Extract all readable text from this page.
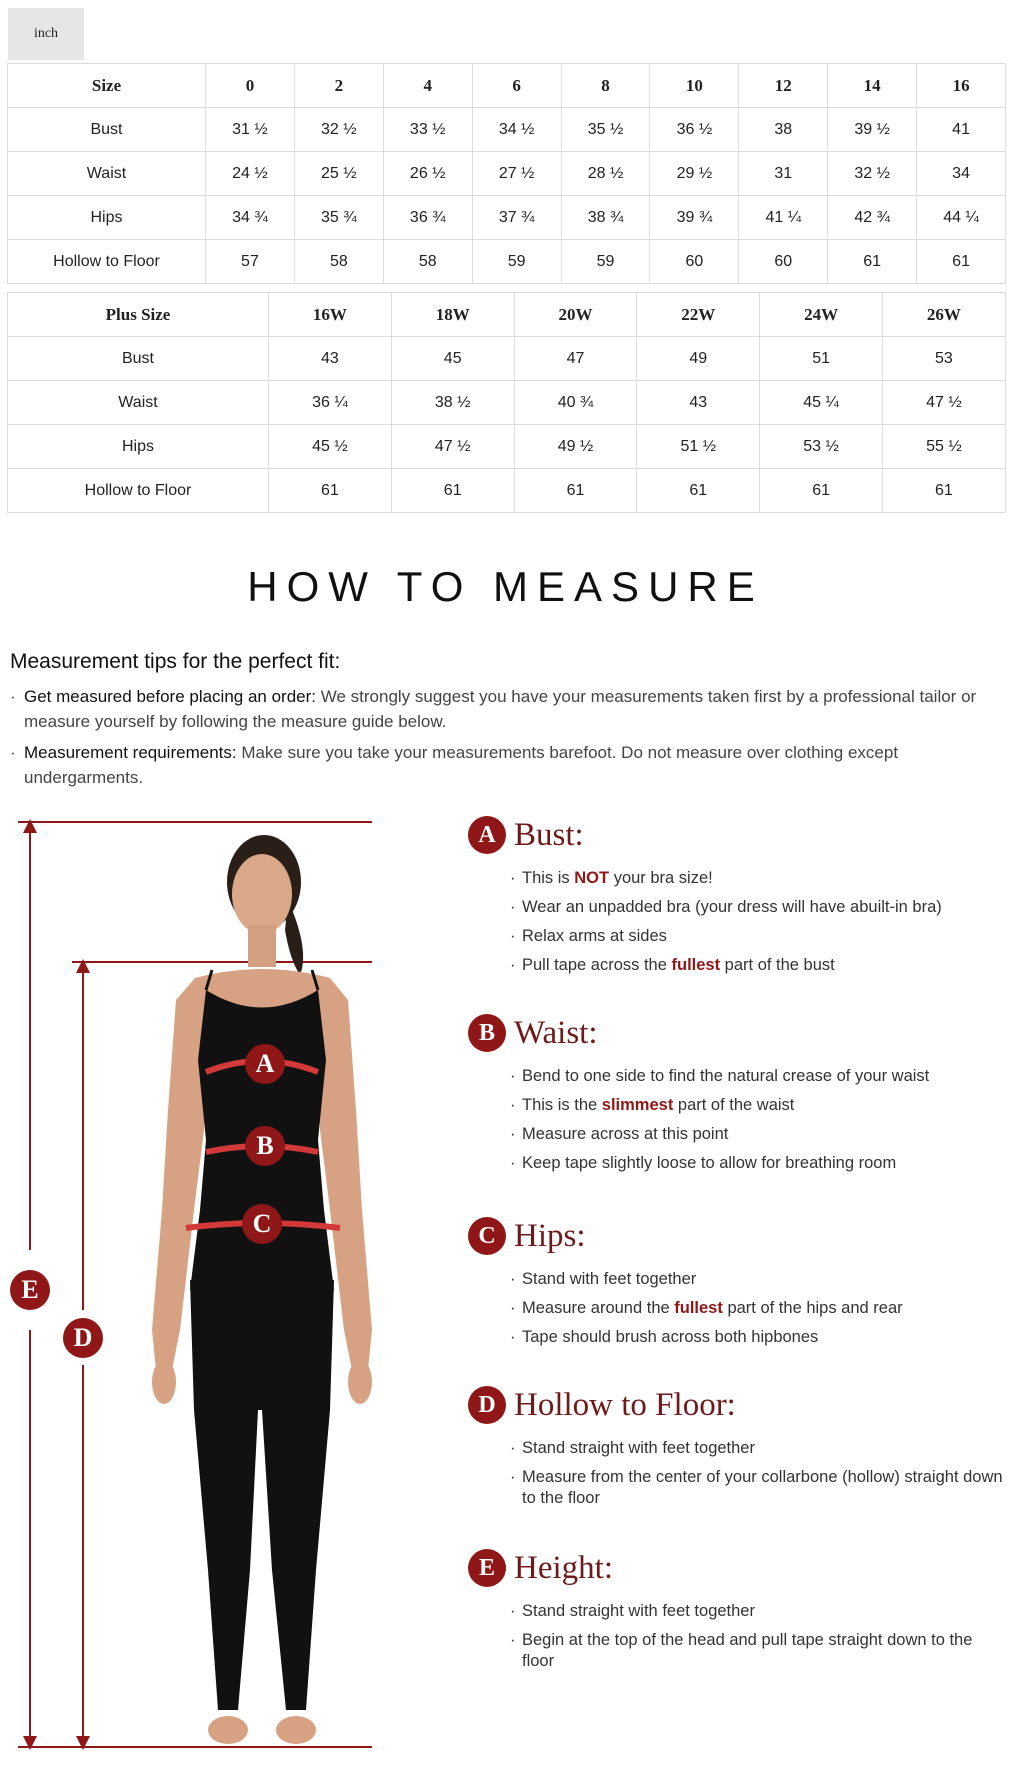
inch
Size	0	2	4	6	8	10	12	14	16
Bust	31 ½	32 ½	33 ½	34 ½	35 ½	36 ½	38	39 ½	41
Waist	24 ½	25 ½	26 ½	27 ½	28 ½	29 ½	31	32 ½	34
Hips	34 ¾	35 ¾	36 ¾	37 ¾	38 ¾	39 ¾	41 ¼	42 ¾	44 ¼
Hollow to Floor	57	58	58	59	59	60	60	61	61
Plus Size	16W	18W	20W	22W	24W	26W
Bust	43	45	47	49	51	53
Waist	36 ¼	38 ½	40 ¾	43	45 ¼	47 ½
Hips	45 ½	47 ½	49 ½	51 ½	53 ½	55 ½
Hollow to Floor	61	61	61	61	61	61
HOW TO MEASURE
Measurement tips for the perfect fit:
· Get measured before placing an order: We strongly suggest you have your measurements taken first by a professional tailor or measure yourself by following the measure guide below.
· Measurement requirements: Make sure you take your measurements barefoot. Do not measure over clothing except undergarments.
A
B
C
E
D
A Bust:
· This is NOT your bra size!
· Wear an unpadded bra (your dress will have abuilt-in bra)
· Relax arms at sides
· Pull tape across the fullest part of the bust
B Waist:
· Bend to one side to find the natural crease of your waist
· This is the slimmest part of the waist
· Measure across at this point
· Keep tape slightly loose to allow for breathing room
C Hips:
· Stand with feet together
· Measure around the fullest part of the hips and rear
· Tape should brush across both hipbones
D Hollow to Floor:
· Stand straight with feet together
· Measure from the center of your collarbone (hollow) straight down to the floor
E Height:
· Stand straight with feet together
· Begin at the top of the head and pull tape straight down to the floor
